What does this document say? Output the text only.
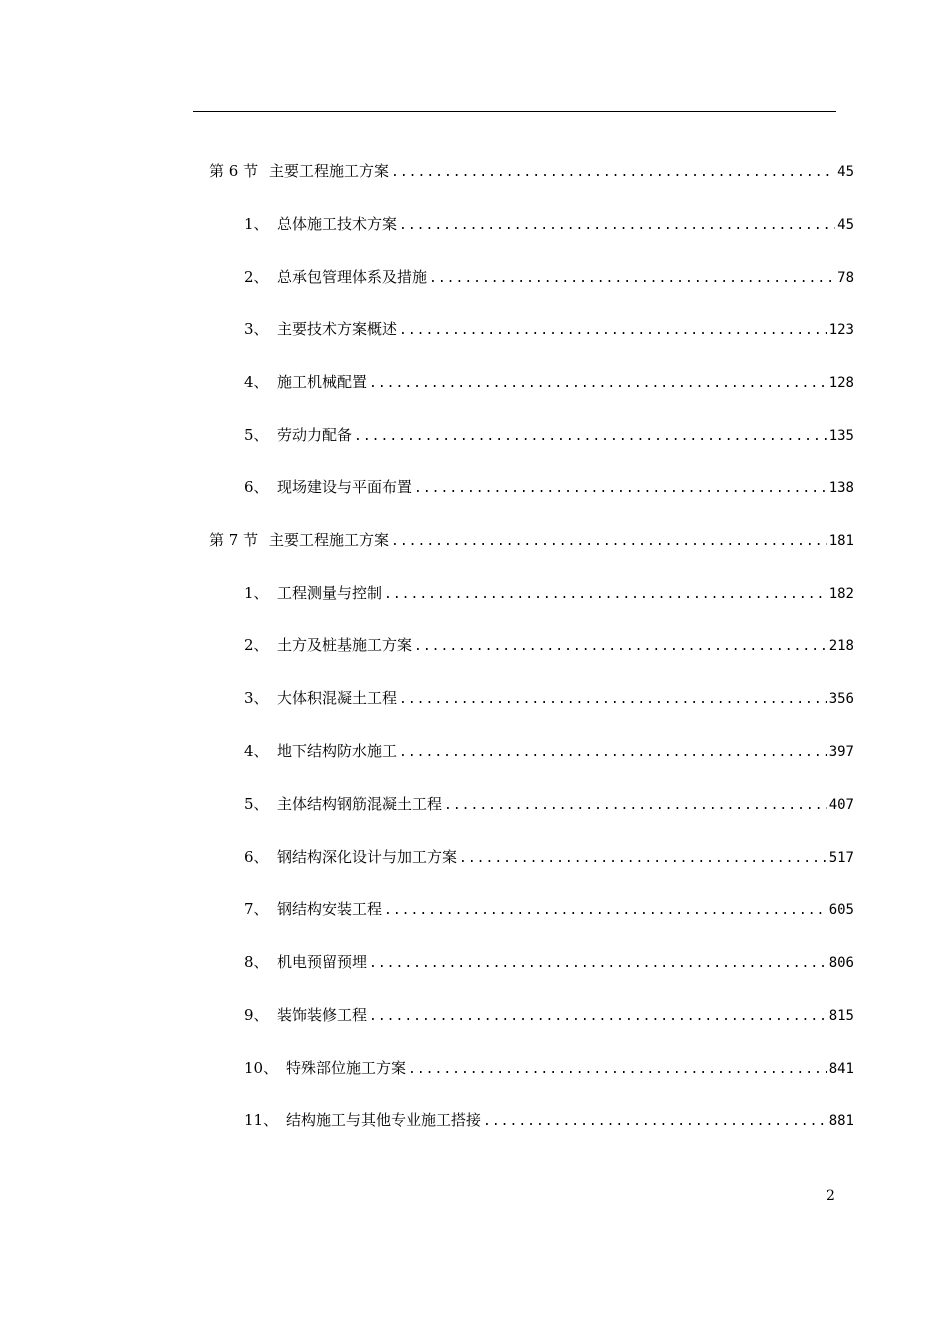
第 6 节 主要工程施工方案 .....	45
1、 总体施工技术方案 .....	45
2、 总承包管理体系及措施 .....	78
3、 主要技术方案概述 .....	123
4、 施工机械配置 .....	128
5、 劳动力配备 .....	135
6、 现场建设与平面布置 .....	138
第 7 节 主要工程施工方案 .....	181
1、 工程测量与控制 .....	182
2、 土方及桩基施工方案 .....	218
3、 大体积混凝土工程 .....	356
4、 地下结构防水施工 .....	397
5、 主体结构钢筋混凝土工程 .....	407
6、 钢结构深化设计与加工方案 .....	517
7、 钢结构安装工程 .....	605
8、 机电预留预埋 .....	806
9、 装饰装修工程 .....	815
10、 特殊部位施工方案 .....	841
11、 结构施工与其他专业施工搭接 .....	881
2
